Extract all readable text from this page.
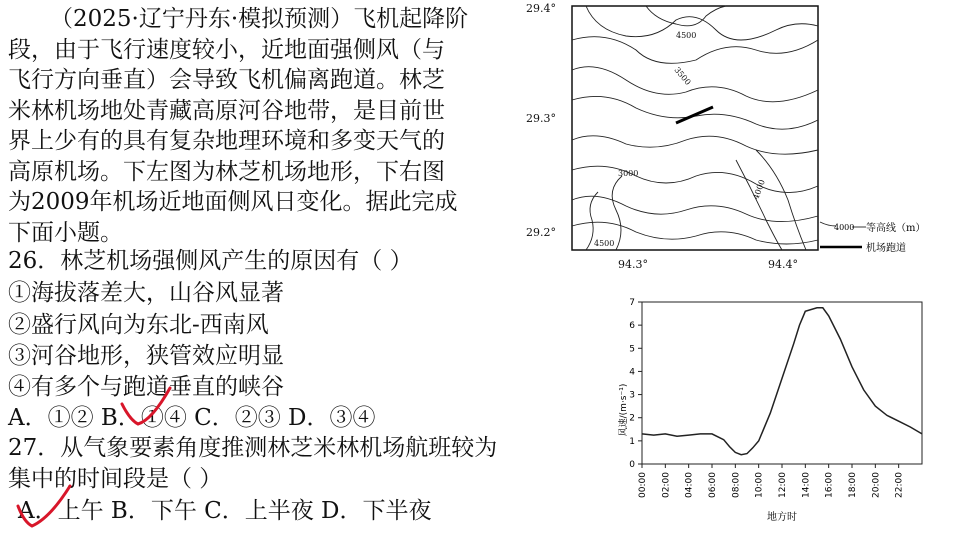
（2025·辽宁丹东·模拟预测）飞机起降阶
段，由于飞行速度较小，近地面强侧风（与
飞行方向垂直）会导致飞机偏离跑道。林芝
米林机场地处青藏高原河谷地带，是目前世
界上少有的具有复杂地理环境和多变天气的
高原机场。下左图为林芝机场地形，下右图
为2009年机场近地面侧风日变化。据此完成
下面小题。
26．林芝机场强侧风产生的原因有（ ）
①海拔落差大，山谷风显著
②盛行风向为东北-西南风
③河谷地形，狭管效应明显
④有多个与跑道垂直的峡谷
A．①② B．①④ C．②③ D．③④
27．从气象要素角度推测林芝米林机场航班较为
集中的时间段是（ ）
A．上午 B．下午 C．上半夜 D．下半夜
29.4°
29.3°
29.2°
94.3°	94.4°
4500
3500
3000
4000
4500
4000 等高线（m）
机场跑道
0
1
2
3
4
5
6
7
00:00 02:00 04:00 06:00 08:00 10:00 12:00 14:00 16:00 18:00 20:00 22:00
风速/(m·s⁻¹)
地方时
